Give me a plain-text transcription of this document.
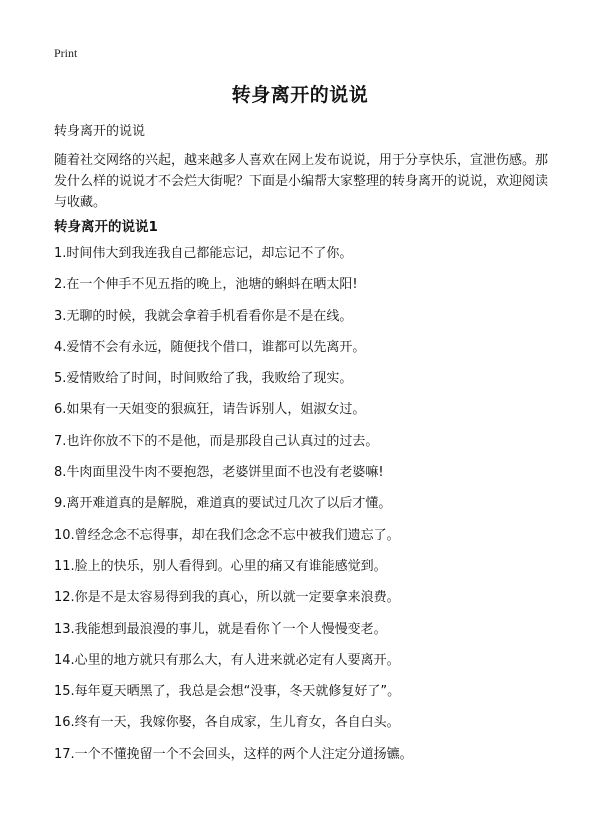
Print
转身离开的说说
转身离开的说说
随着社交网络的兴起，越来越多人喜欢在网上发布说说，用于分享快乐，宣泄伤感。那发什么样的说说才不会烂大街呢？下面是小编帮大家整理的转身离开的说说，欢迎阅读与收藏。
转身离开的说说1
1.时间伟大到我连我自己都能忘记，却忘记不了你。
2.在一个伸手不见五指的晚上，池塘的蝌蚪在晒太阳!
3.无聊的时候，我就会拿着手机看看你是不是在线。
4.爱情不会有永远，随便找个借口，谁都可以先离开。
5.爱情败给了时间，时间败给了我，我败给了现实。
6.如果有一天姐变的狠疯狂，请告诉别人，姐淑女过。
7.也许你放不下的不是他，而是那段自己认真过的过去。
8.牛肉面里没牛肉不要抱怨，老婆饼里面不也没有老婆嘛!
9.离开难道真的是解脱，难道真的要试过几次了以后才懂。
10.曾经念念不忘得事，却在我们念念不忘中被我们遗忘了。
11.脸上的快乐，别人看得到。心里的痛又有谁能感觉到。
12.你是不是太容易得到我的真心，所以就一定要拿来浪费。
13.我能想到最浪漫的事儿，就是看你丫一个人慢慢变老。
14.心里的地方就只有那么大，有人进来就必定有人要离开。
15.每年夏天晒黑了，我总是会想“没事，冬天就修复好了”。
16.终有一天，我嫁你娶，各自成家，生儿育女，各自白头。
17.一个不懂挽留一个不会回头，这样的两个人注定分道扬镳。
